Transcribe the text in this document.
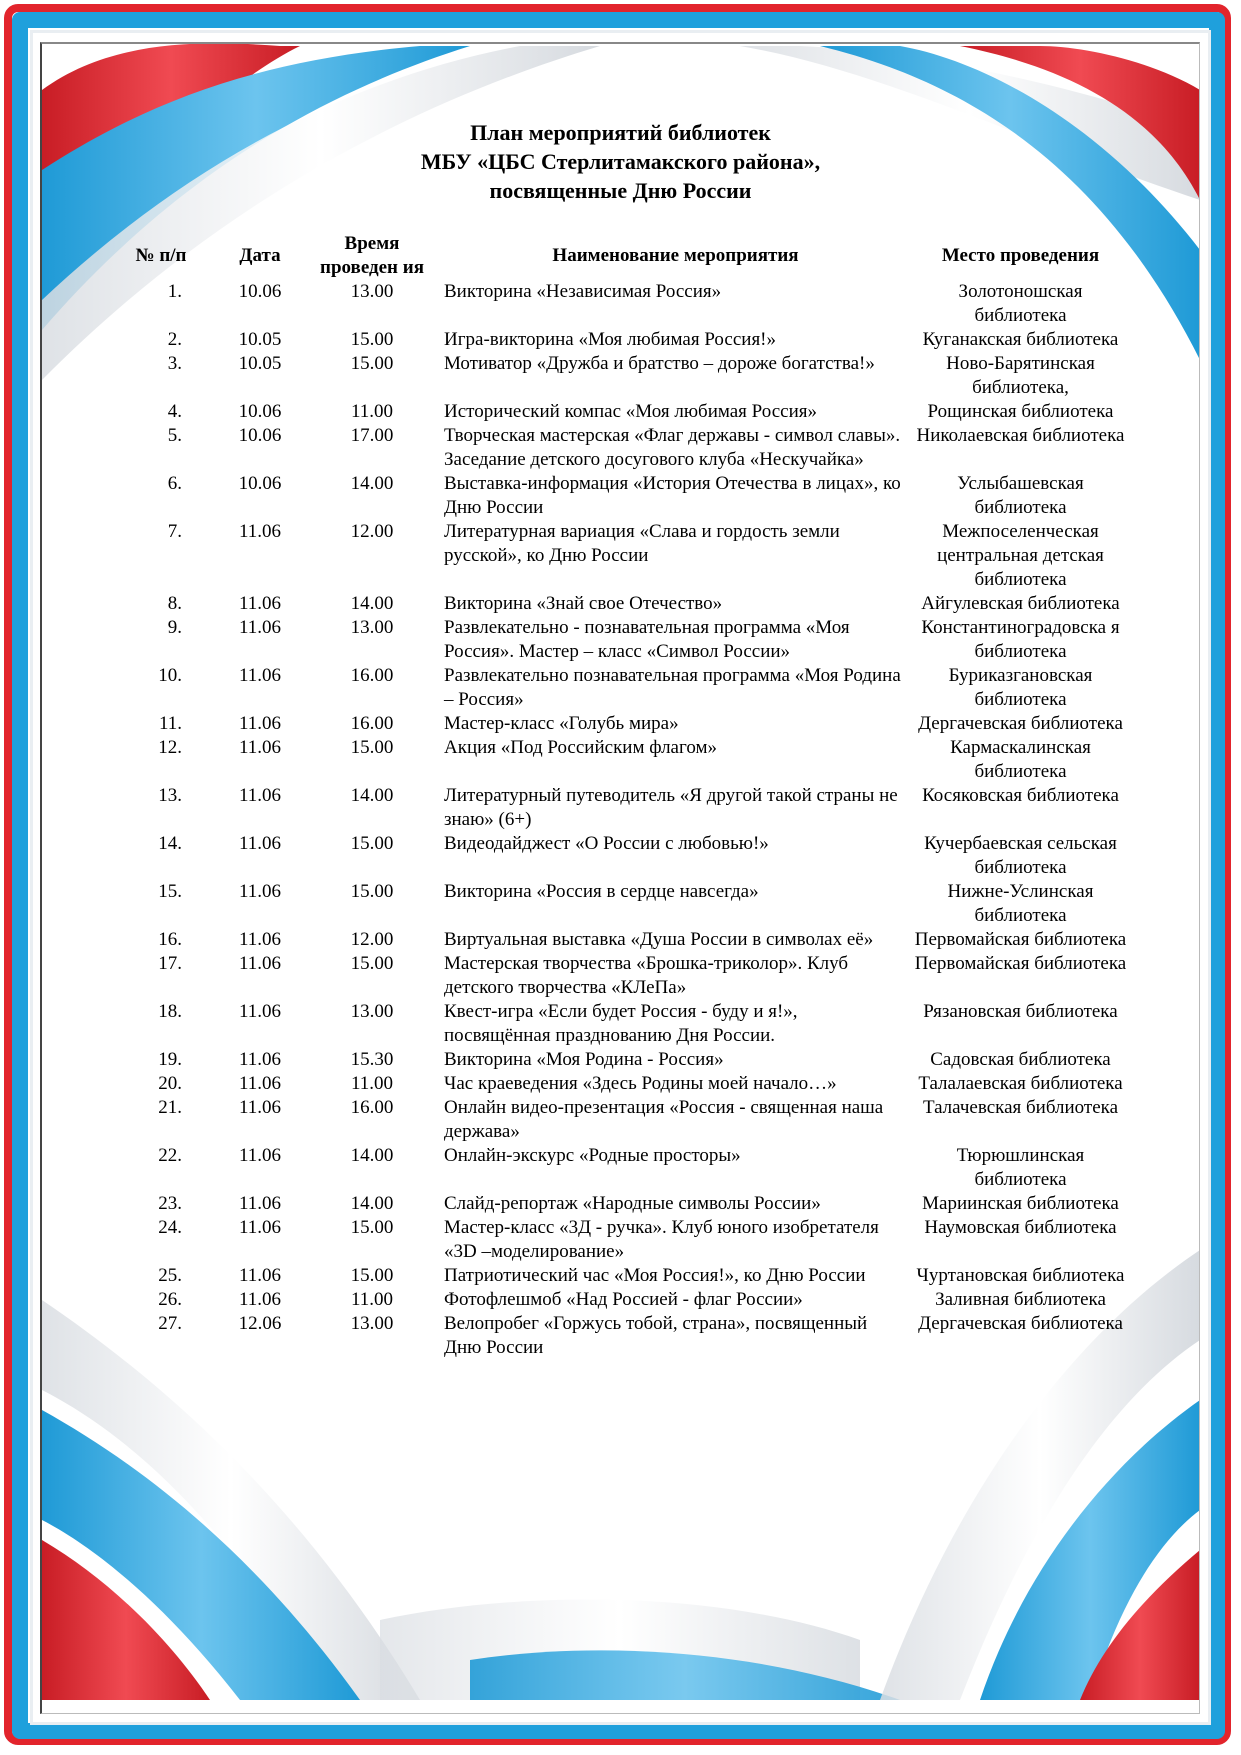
План мероприятий библиотек
МБУ «ЦБС Стерлитамакского района»,
посвященные Дню России
№ п/п	Дата	Время проведен ия	Наименование мероприятия	Место проведения
1.	10.06	13.00	Викторина «Независимая Россия»	Золотоношская библиотека
2.	10.05	15.00	Игра-викторина «Моя любимая Россия!»	Куганакская библиотека
3.	10.05	15.00	Мотиватор «Дружба и братство – дороже богатства!»	Ново-Барятинская библиотека,
4.	10.06	11.00	Исторический компас «Моя любимая Россия»	Рощинская библиотека
5.	10.06	17.00	Творческая мастерская «Флаг державы - символ славы». Заседание детского досугового клуба «Нескучайка»	Николаевская библиотека
6.	10.06	14.00	Выставка-информация «История Отечества в лицах», ко Дню России	Услыбашевская библиотека
7.	11.06	12.00	Литературная вариация «Слава и гордость земли русской», ко Дню России	Межпоселенческая центральная детская библиотека
8.	11.06	14.00	Викторина «Знай свое Отечество»	Айгулевская библиотека
9.	11.06	13.00	Развлекательно - познавательная программа «Моя Россия». Мастер – класс «Символ России»	Константиноградовска я библиотека
10.	11.06	16.00	Развлекательно познавательная программа «Моя Родина – Россия»	Буриказгановская библиотека
11.	11.06	16.00	Мастер-класс «Голубь мира»	Дергачевская библиотека
12.	11.06	15.00	Акция «Под Российским флагом»	Кармаскалинская библиотека
13.	11.06	14.00	Литературный путеводитель «Я другой такой страны не знаю» (6+)	Косяковская библиотека
14.	11.06	15.00	Видеодайджест «О России с любовью!»	Кучербаевская сельская библиотека
15.	11.06	15.00	Викторина «Россия в сердце навсегда»	Нижне-Услинская библиотека
16.	11.06	12.00	Виртуальная выставка «Душа России в символах её»	Первомайская библиотека
17.	11.06	15.00	Мастерская творчества «Брошка-триколор». Клуб детского творчества «КЛеПа»	Первомайская библиотека
18.	11.06	13.00	Квест-игра «Если будет Россия - буду и я!», посвящённая празднованию Дня России.	Рязановская библиотека
19.	11.06	15.30	Викторина «Моя Родина - Россия»	Садовская библиотека
20.	11.06	11.00	Час краеведения «Здесь Родины моей начало…»	Талалаевская библиотека
21.	11.06	16.00	Онлайн видео-презентация «Россия - священная наша держава»	Талачевская библиотека
22.	11.06	14.00	Онлайн-экскурс «Родные просторы»	Тюрюшлинская библиотека
23.	11.06	14.00	Слайд-репортаж «Народные символы России»	Мариинская библиотека
24.	11.06	15.00	Мастер-класс «3Д - ручка». Клуб юного изобретателя «3D –моделирование»	Наумовская библиотека
25.	11.06	15.00	Патриотический час «Моя Россия!», ко Дню России	Чуртановская библиотека
26.	11.06	11.00	Фотофлешмоб «Над Россией - флаг России»	Заливная библиотека
27.	12.06	13.00	Велопробег «Горжусь тобой, страна», посвященный Дню России	Дергачевская библиотека
